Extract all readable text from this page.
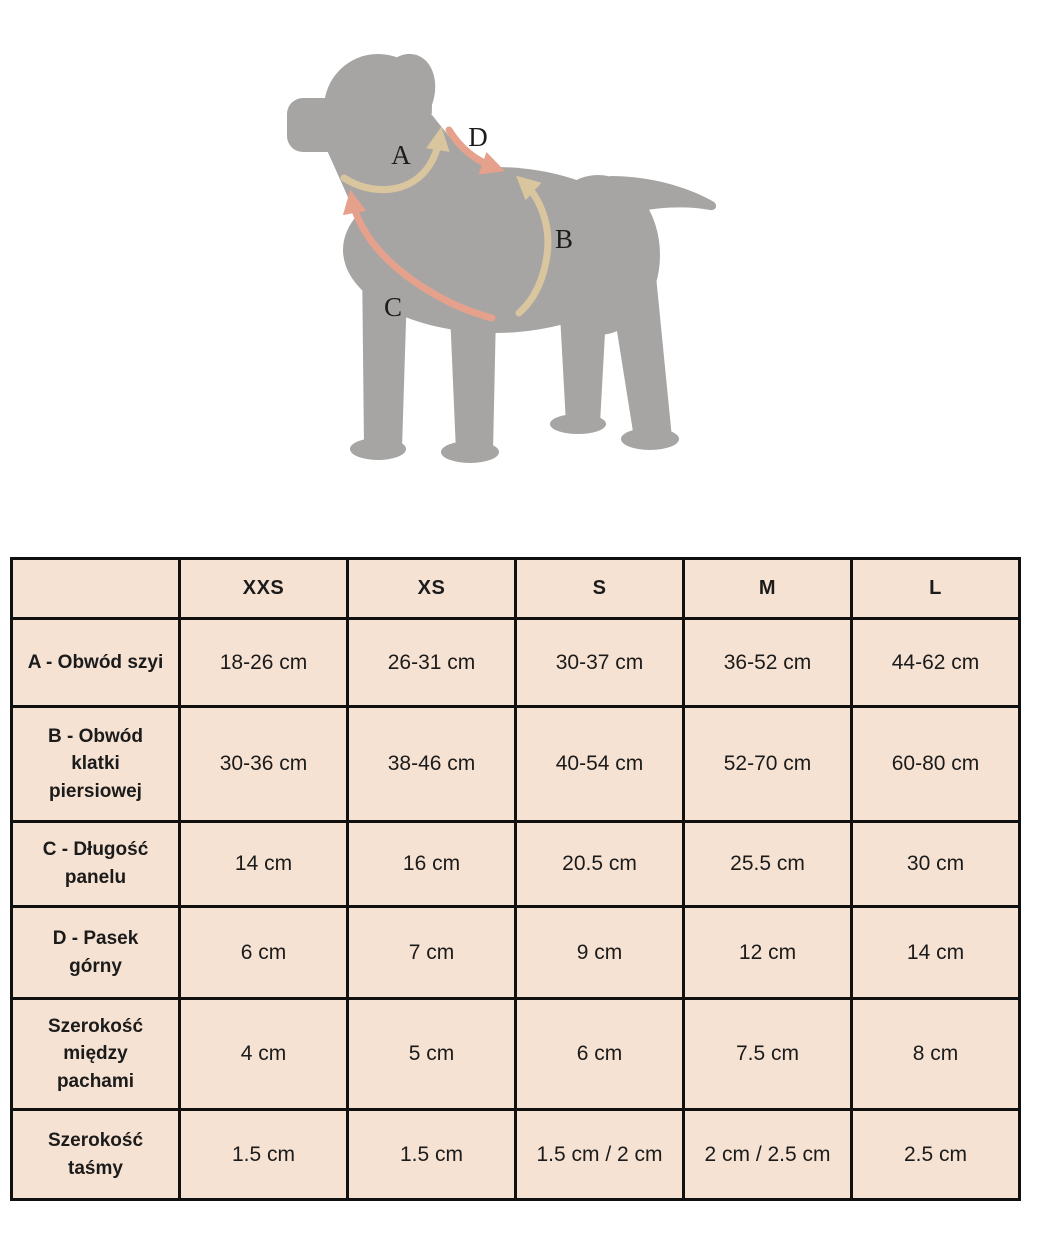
A
D
B
C
	XXS	XS	S	M	L
A - Obwód szyi	18-26 cm	26-31 cm	30-37 cm	36-52 cm	44-62 cm
B - Obwód klatki piersiowej	30-36 cm	38-46 cm	40-54 cm	52-70 cm	60-80 cm
C - Długość panelu	14 cm	16 cm	20.5 cm	25.5 cm	30 cm
D - Pasek górny	6 cm	7 cm	9 cm	12 cm	14 cm
Szerokość między pachami	4 cm	5 cm	6 cm	7.5 cm	8 cm
Szerokość taśmy	1.5 cm	1.5 cm	1.5 cm / 2 cm	2 cm / 2.5 cm	2.5 cm
